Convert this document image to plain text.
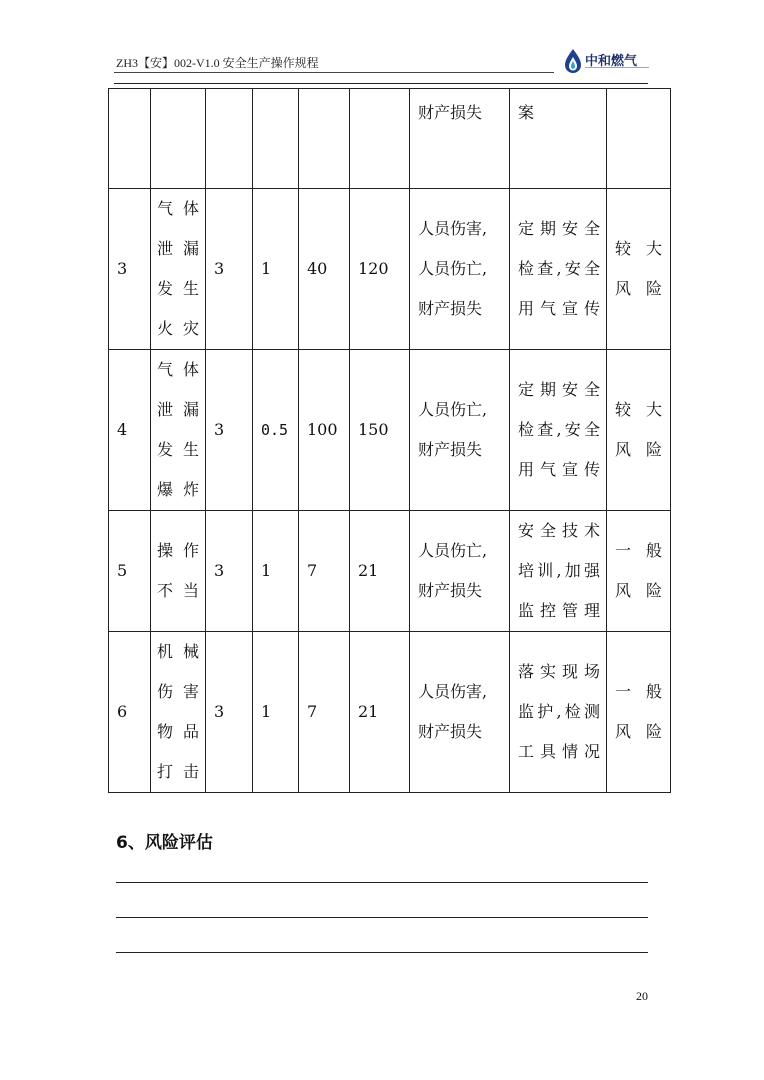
ZH3【安】002-V1.0 安全生产操作规程	中和燃气

						财产损失	案	

3	气体
泄漏
发生
火灾	3	1	40	120	人员伤害,
人员伤亡,
财产损失	定期安全
检查,安全
用气宣传	较大
风险

4	气体
泄漏
发生
爆炸	3	0.5	100	150	人员伤亡,
财产损失	定期安全
检查,安全
用气宣传	较大
风险

5	操作
不当	3	1	7	21	人员伤亡,
财产损失	安全技术
培训,加强
监控管理	一般
风险

6	机械
伤害
物品
打击	3	1	7	21	人员伤害,
财产损失	落实现场
监护,检测
工具情况	一般
风险
6、风险评估
20
